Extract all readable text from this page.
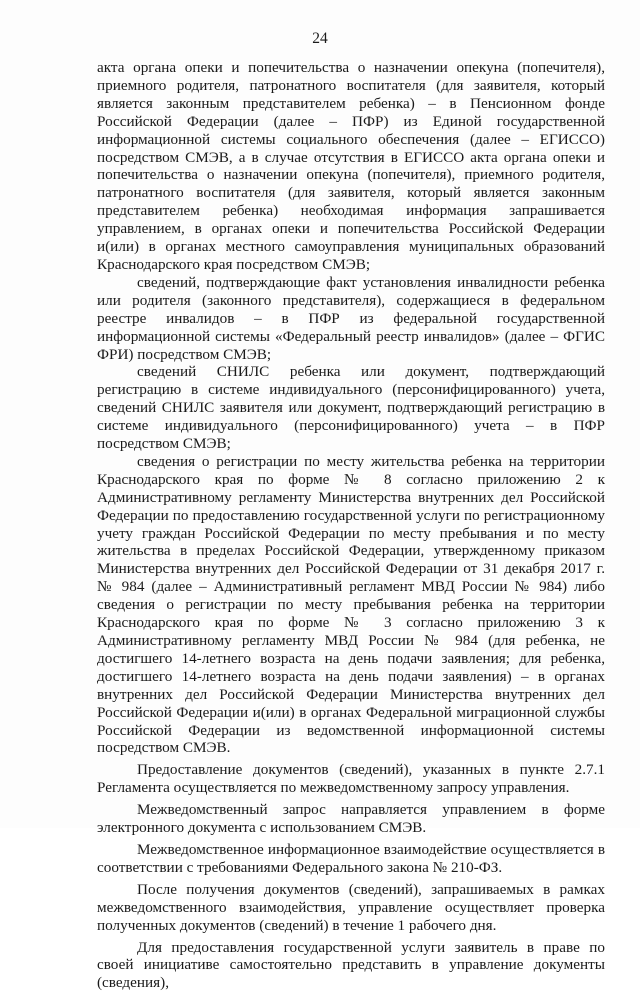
24

акта органа опеки и попечительства о назначении опекуна (попечителя), приемного родителя, патронатного воспитателя (для заявителя, который является законным представителем ребенка) – в Пенсионном фонде Российской Федерации (далее – ПФР) из Единой государственной информационной системы социального обеспечения (далее – ЕГИССО) посредством СМЭВ, а в случае отсутствия в ЕГИССО акта органа опеки и попечительства о назначении опекуна (попечителя), приемного родителя, патронатного воспитателя (для заявителя, который является законным представителем ребенка) необходимая информация запрашивается управлением, в органах опеки и попечительства Российской Федерации и(или) в органах местного самоуправления муниципальных образований Краснодарского края посредством СМЭВ;

сведений, подтверждающие факт установления инвалидности ребенка или родителя (законного представителя), содержащиеся в федеральном реестре инвалидов – в ПФР из федеральной государственной информационной системы «Федеральный реестр инвалидов» (далее – ФГИС ФРИ) посредством СМЭВ;

сведений СНИЛС ребенка или документ, подтверждающий регистрацию в системе индивидуального (персонифицированного) учета, сведений СНИЛС заявителя или документ, подтверждающий регистрацию в системе индивидуального (персонифицированного) учета – в ПФР посредством СМЭВ;

сведения о регистрации по месту жительства ребенка на территории Краснодарского края по форме № 8 согласно приложению 2 к Административному регламенту Министерства внутренних дел Российской Федерации по предоставлению государственной услуги по регистрационному учету граждан Российской Федерации по месту пребывания и по месту жительства в пределах Российской Федерации, утвержденному приказом Министерства внутренних дел Российской Федерации от 31 декабря 2017 г. № 984 (далее – Административный регламент МВД России № 984) либо сведения о регистрации по месту пребывания ребенка на территории Краснодарского края по форме № 3 согласно приложению 3 к Административному регламенту МВД России № 984 (для ребенка, не достигшего 14-летнего возраста на день подачи заявления; для ребенка, достигшего 14-летнего возраста на день подачи заявления) – в органах внутренних дел Российской Федерации Министерства внутренних дел Российской Федерации и(или) в органах Федеральной миграционной службы Российской Федерации из ведомственной информационной системы посредством СМЭВ.

Предоставление документов (сведений), указанных в пункте 2.7.1 Регламента осуществляется по межведомственному запросу управления.

Межведомственный запрос направляется управлением в форме электронного документа с использованием СМЭВ.

Межведомственное информационное взаимодействие осуществляется в соответствии с требованиями Федерального закона № 210-ФЗ.

После получения документов (сведений), запрашиваемых в рамках межведомственного взаимодействия, управление осуществляет проверка полученных документов (сведений) в течение 1 рабочего дня.

Для предоставления государственной услуги заявитель в праве по своей инициативе самостоятельно представить в управление документы (сведения),
